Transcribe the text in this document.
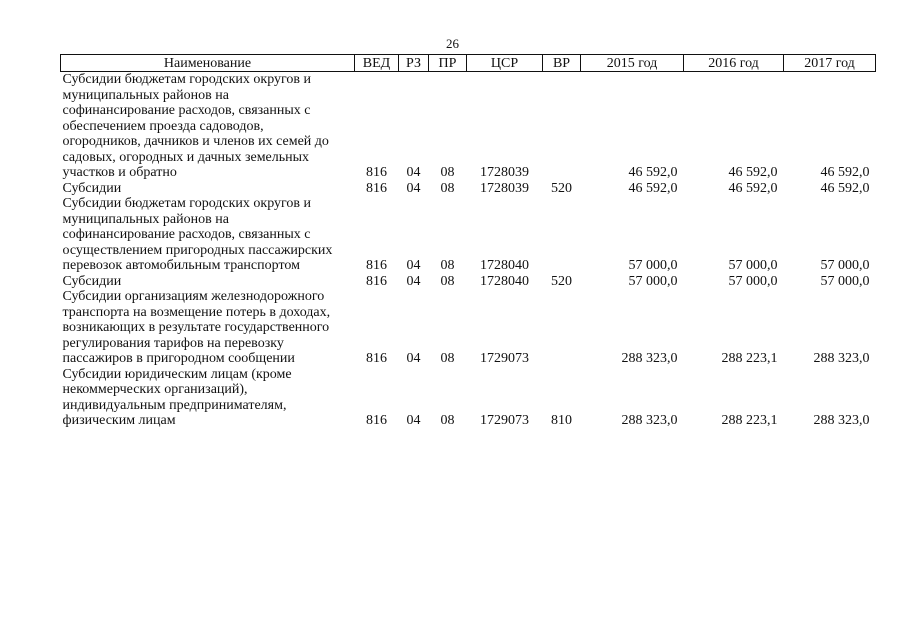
26
Наименование	ВЕД	РЗ	ПР	ЦСР	ВР	2015 год	2016 год	2017 год
Субсидии бюджетам городских округов и муниципальных районов на софинансирование расходов, связанных с обеспечением проезда садоводов, огородников, дачников и членов их семей до садовых, огородных и дачных земельных участков и обратно	816	04	08	1728039		46 592,0	46 592,0	46 592,0
Субсидии	816	04	08	1728039	520	46 592,0	46 592,0	46 592,0
Субсидии бюджетам городских округов и муниципальных районов на софинансирование расходов, связанных с осуществлением пригородных пассажирских перевозок автомобильным транспортом	816	04	08	1728040		57 000,0	57 000,0	57 000,0
Субсидии	816	04	08	1728040	520	57 000,0	57 000,0	57 000,0
Субсидии организациям железнодорожного транспорта на возмещение потерь в доходах, возникающих в результате государственного регулирования тарифов на перевозку пассажиров в пригородном сообщении	816	04	08	1729073		288 323,0	288 223,1	288 323,0
Субсидии юридическим лицам (кроме некоммерческих организаций), индивидуальным предпринимателям, физическим лицам	816	04	08	1729073	810	288 323,0	288 223,1	288 323,0
